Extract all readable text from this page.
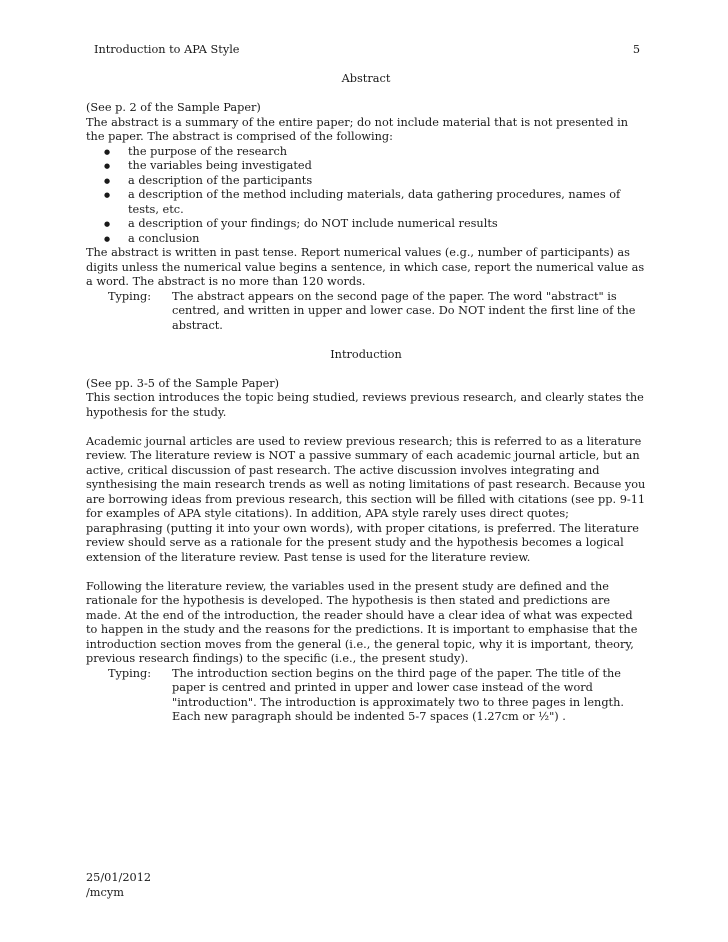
Introduction to APA Style	5
Abstract

(See p. 2 of the Sample Paper)
The abstract is a summary of the entire paper; do not include material that is not presented in the paper. The abstract is comprised of the following:

● the purpose of the research
● the variables being investigated
● a description of the participants
● a description of the method including materials, data gathering procedures, names of tests, etc.
● a description of your findings; do NOT include numerical results
● a conclusion

The abstract is written in past tense. Report numerical values (e.g., number of participants) as digits unless the numerical value begins a sentence, in which case, report the numerical value as a word. The abstract is no more than 120 words.

Typing:	The abstract appears on the second page of the paper. The word "abstract" is centred, and written in upper and lower case. Do NOT indent the first line of the abstract.
Introduction

(See pp. 3-5 of the Sample Paper)
This section introduces the topic being studied, reviews previous research, and clearly states the hypothesis for the study.

Academic journal articles are used to review previous research; this is referred to as a literature review. The literature review is NOT a passive summary of each academic journal article, but an active, critical discussion of past research. The active discussion involves integrating and synthesising the main research trends as well as noting limitations of past research. Because you are borrowing ideas from previous research, this section will be filled with citations (see pp. 9-11 for examples of APA style citations). In addition, APA style rarely uses direct quotes; paraphrasing (putting it into your own words), with proper citations, is preferred. The literature review should serve as a rationale for the present study and the hypothesis becomes a logical extension of the literature review. Past tense is used for the literature review.

Following the literature review, the variables used in the present study are defined and the rationale for the hypothesis is developed. The hypothesis is then stated and predictions are made. At the end of the introduction, the reader should have a clear idea of what was expected to happen in the study and the reasons for the predictions. It is important to emphasise that the introduction section moves from the general (i.e., the general topic, why it is important, theory, previous research findings) to the specific (i.e., the present study).

Typing:	The introduction section begins on the third page of the paper. The title of the paper is centred and printed in upper and lower case instead of the word "introduction". The introduction is approximately two to three pages in length. Each new paragraph should be indented 5-7 spaces (1.27cm or ½") .
25/01/2012
/mcym
